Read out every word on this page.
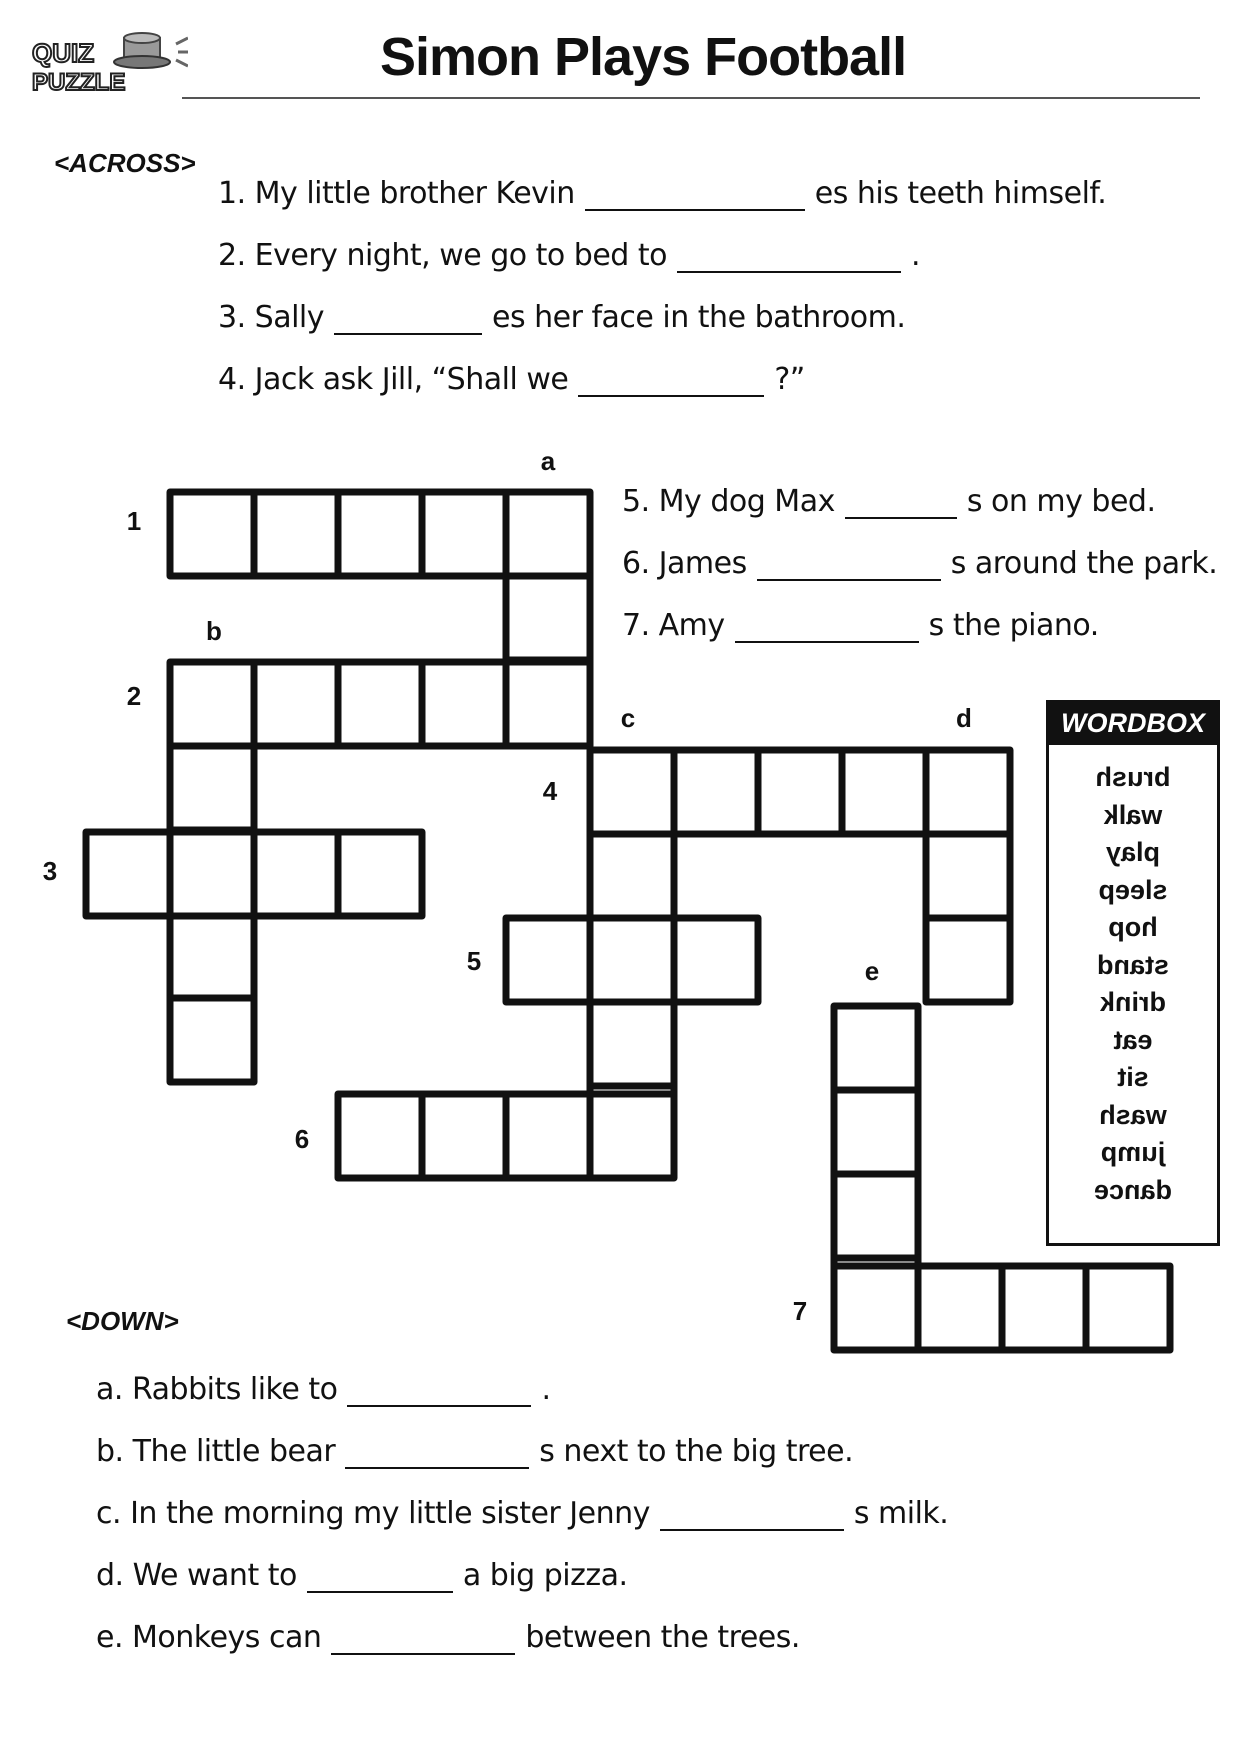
QUIZ
PUZZLE	Simon Plays Football
<ACROSS>
1. My little brother Kevin	es his teeth himself.
2. Every night, we go to bed to	.
3. Sally	es her face in the bathroom.
4. Jack ask Jill, “Shall we	?”
5. My dog Max	s on my bed.
6. James	s around the park.
7. Amy	s the piano.
1
2
3
4
5
6
7
a
b
c	d
e
WORDBOX
brush
walk
play
sleep
hop
stand
drink
eat
sit
wash
jump
dance
<DOWN>
a. Rabbits like to	.
b. The little bear	s next to the big tree.
c. In the morning my little sister Jenny	s milk.
d. We want to	a big pizza.
e. Monkeys can	between the trees.
